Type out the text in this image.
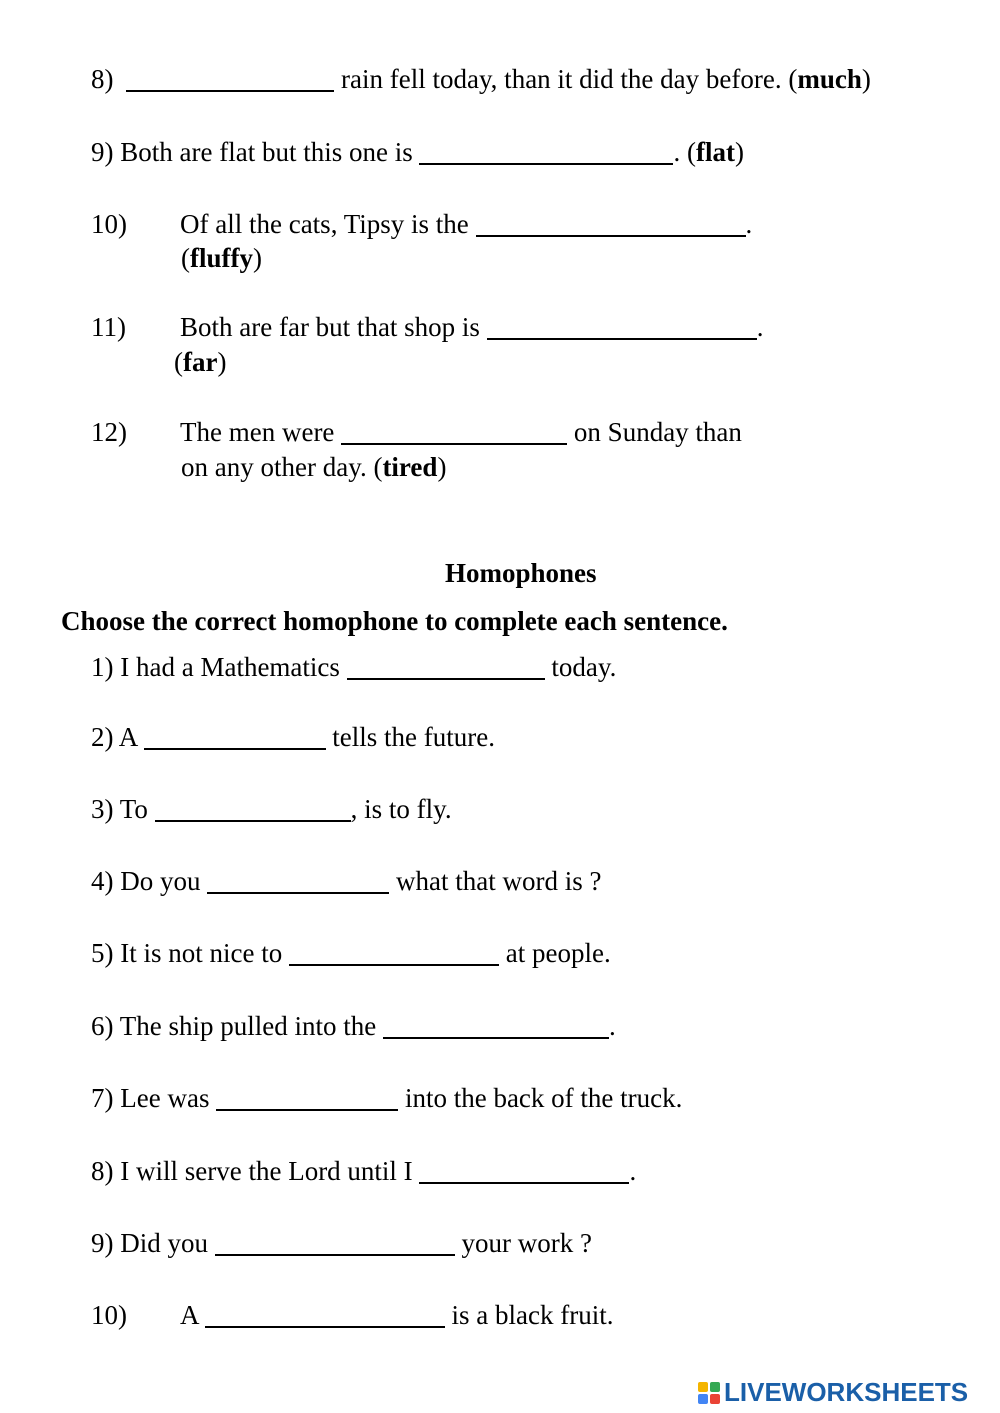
8)	rain fell today, than it did the day before. (much)
9) Both are flat but this one is	. (flat)
10) Of all the cats, Tipsy is the	.
(fluffy)
11) Both are far but that shop is	.
(far)
12) The men were	on Sunday than
on any other day. (tired)
Homophones
Choose the correct homophone to complete each sentence.
1) I had a Mathematics	today.
2) A	tells the future.
3) To	, is to fly.
4) Do you	what that word is ?
5) It is not nice to	at people.
6) The ship pulled into the	.
7) Lee was	into the back of the truck.
8) I will serve the Lord until I	.
9) Did you	your work ?
10) A	is a black fruit.
LIVEWORKSHEETS
